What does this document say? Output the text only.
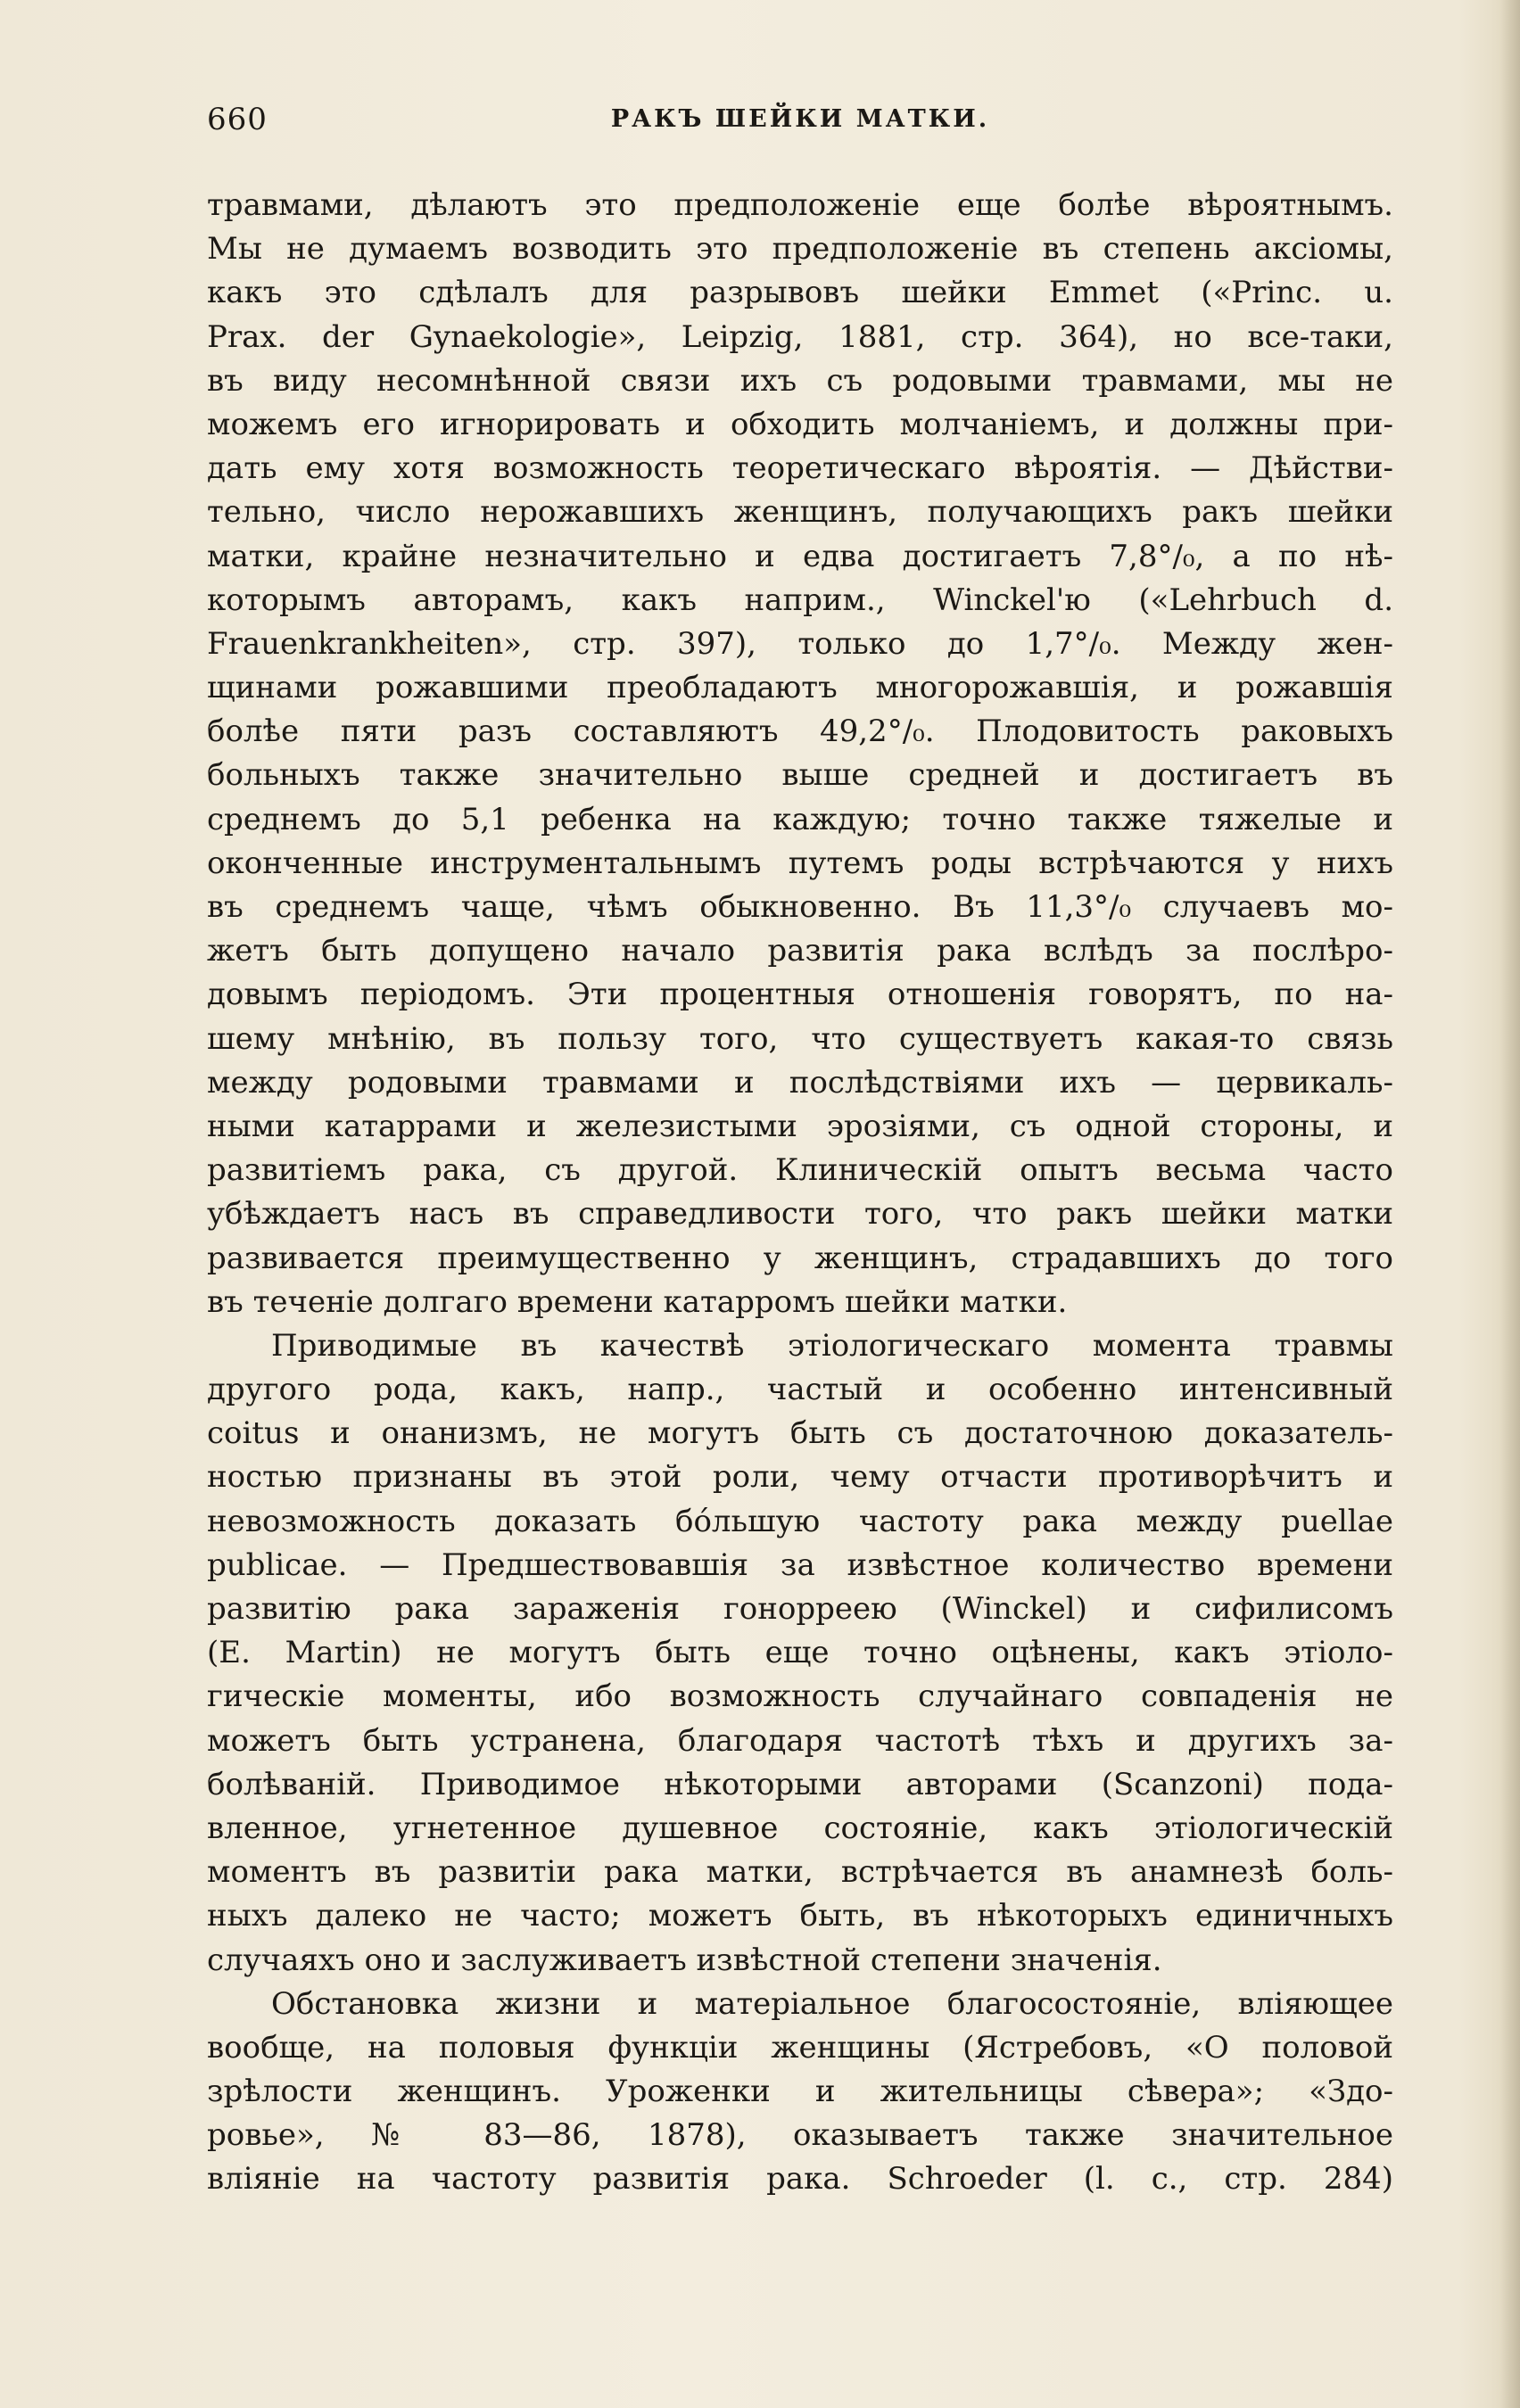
660	РАКЪ ШЕЙКИ МАТКИ.
травмами, дѣлаютъ это предположеніе еще болѣе вѣроятнымъ.
Мы не думаемъ возводить это предположеніе въ степень аксіомы,
какъ это сдѣлалъ для разрывовъ шейки Emmet («Princ. u.
Prax. der Gynaekologie», Leipzig, 1881, стр. 364), но все-таки,
въ виду несомнѣнной связи ихъ съ родовыми травмами, мы не
можемъ его игнорировать и обходить молчаніемъ, и должны при-
дать ему хотя возможность теоретическаго вѣроятія. — Дѣйстви-
тельно, число нерожавшихъ женщинъ, получающихъ ракъ шейки
матки, крайне незначительно и едва достигаетъ 7,8°/₀, а по нѣ-
которымъ авторамъ, какъ наприм., Winckel'ю («Lehrbuch d.
Frauenkrankheiten», стр. 397), только до 1,7°/₀. Между жен-
щинами рожавшими преобладаютъ многорожавшія, и рожавшія
болѣе пяти разъ составляютъ 49,2°/₀. Плодовитость раковыхъ
больныхъ также значительно выше средней и достигаетъ въ
среднемъ до 5,1 ребенка на каждую; точно также тяжелые и
оконченные инструментальнымъ путемъ роды встрѣчаются у нихъ
въ среднемъ чаще, чѣмъ обыкновенно. Въ 11,3°/₀ случаевъ мо-
жетъ быть допущено начало развитія рака вслѣдъ за послѣро-
довымъ періодомъ. Эти процентныя отношенія говорятъ, по на-
шему мнѣнію, въ пользу того, что существуетъ какая-то связь
между родовыми травмами и послѣдствіями ихъ — цервикаль-
ными катаррами и железистыми эрозіями, съ одной стороны, и
развитіемъ рака, съ другой. Клиническій опытъ весьма часто
убѣждаетъ насъ въ справедливости того, что ракъ шейки матки
развивается преимущественно у женщинъ, страдавшихъ до того
въ теченіе долгаго времени катарромъ шейки матки.
Приводимые въ качествѣ этіологическаго момента травмы
другого рода, какъ, напр., частый и особенно интенсивный
coitus и онанизмъ, не могутъ быть съ достаточною доказатель-
ностью признаны въ этой роли, чему отчасти противорѣчитъ и
невозможность доказать бóльшую частоту рака между puellae
publicae. — Предшествовавшія за извѣстное количество времени
развитію рака зараженія гонорреею (Winckel) и сифилисомъ
(E. Martin) не могутъ быть еще точно оцѣнены, какъ этіоло-
гическіе моменты, ибо возможность случайнаго совпаденія не
можетъ быть устранена, благодаря частотѣ тѣхъ и другихъ за-
болѣваній. Приводимое нѣкоторыми авторами (Scanzoni) пода-
вленное, угнетенное душевное состояніе, какъ этіологическій
моментъ въ развитіи рака матки, встрѣчается въ анамнезѣ боль-
ныхъ далеко не часто; можетъ быть, въ нѣкоторыхъ единичныхъ
случаяхъ оно и заслуживаетъ извѣстной степени значенія.
Обстановка жизни и матеріальное благосостояніе, вліяющее
вообще, на половыя функціи женщины (Ястребовъ, «О половой
зрѣлости женщинъ. Уроженки и жительницы сѣвера»; «Здо-
ровье», № 83—86, 1878), оказываетъ также значительное
вліяніе на частоту развитія рака. Schroeder (l. c., стр. 284)
